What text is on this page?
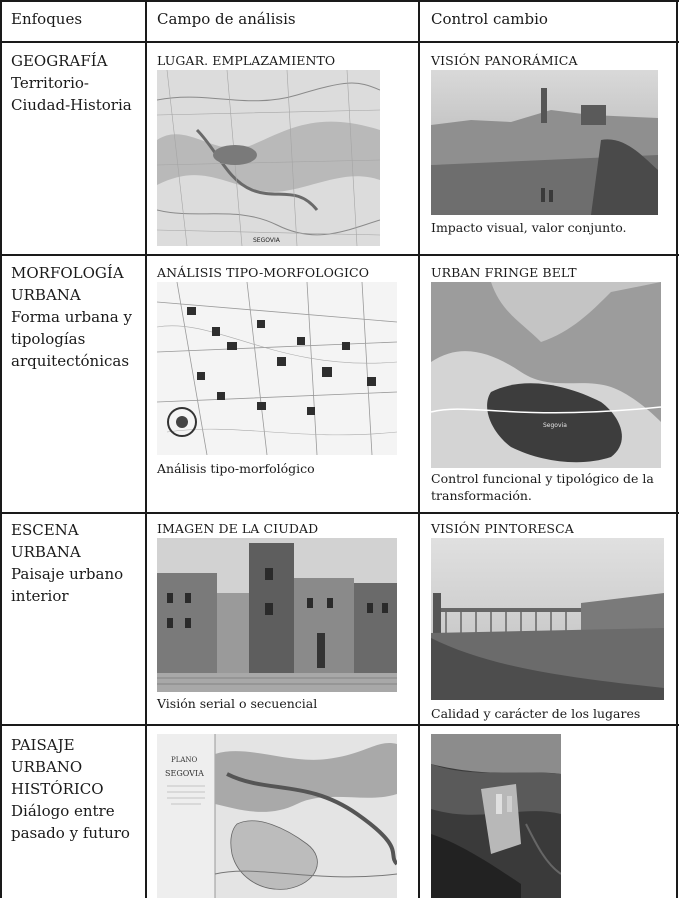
Enfoques	Campo de análisis	Control cambio
GEOGRAFÍA
Territorio-
Ciudad-Historia
LUGAR. EMPLAZAMIENTO
SEGOVIA
VISIÓN PANORÁMICA
Impacto visual, valor conjunto.
MORFOLOGÍA
URBANA
Forma urbana y
tipologías
arquitectónicas
ANÁLISIS TIPO-MORFOLOGICO
Análisis tipo-morfológico
URBAN FRINGE BELT
Segovia
Control funcional y tipológico de la
transformación.
ESCENA
URBANA
Paisaje urbano
interior
IMAGEN DE LA CIUDAD
Visión serial o secuencial
VISIÓN PINTORESCA
Calidad y carácter de los lugares
PAISAJE
URBANO
HISTÓRICO
Diálogo entre
pasado y futuro
PLANO
SEGOVIA
